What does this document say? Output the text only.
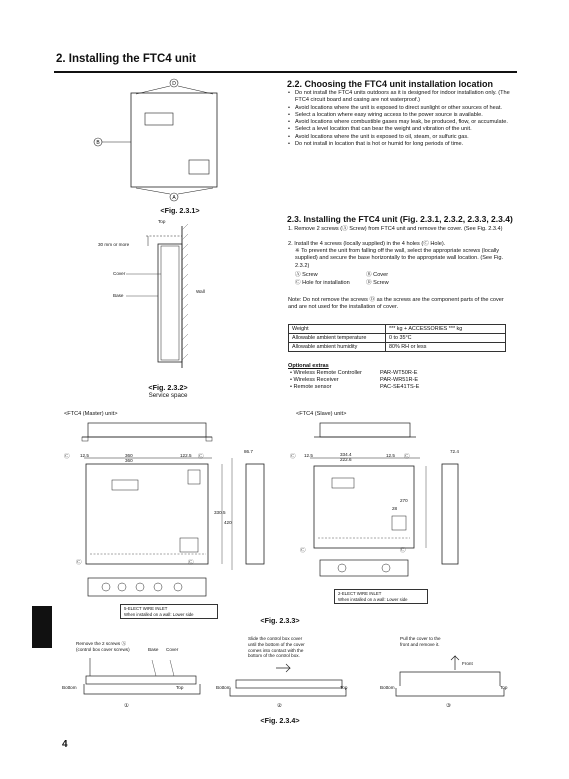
2. Installing the FTC4 unit
D
B
A
<Fig. 2.3.1>
Top
30 mm or more
Cover
Base
Wall
<Fig. 2.3.2>
Service space
2.2. Choosing the FTC4 unit installation location
• Do not install the FTC4 units outdoors as it is designed for indoor installation only. (The FTC4 circuit board and casing are not waterproof.)
• Avoid locations where the unit is exposed to direct sunlight or other sources of heat.
• Select a location where easy wiring access to the power source is available.
• Avoid locations where combustible gases may leak, be produced, flow, or accumulate.
• Select a level location that can bear the weight and vibration of the unit.
• Avoid locations where the unit is exposed to oil, steam, or sulfuric gas.
• Do not install in location that is hot or humid for long periods of time.
2.3. Installing the FTC4 unit (Fig. 2.3.1, 2.3.2, 2.3.3, 2.3.4)
1. Remove 2 screws (Ⓐ Screw) from FTC4 unit and remove the cover. (See Fig. 2.3.4)
2. Install the 4 screws (locally supplied) in the 4 holes (Ⓒ Hole).
※ To prevent the unit from falling off the wall, select the appropriate screws (locally supplied) and secure the base horizontally to the appropriate wall location. (See Fig. 2.3.2)
Ⓐ Screw	Ⓑ Cover
Ⓒ Hole for installation	Ⓓ Screw
Note: Do not remove the screws Ⓓ as the screws are the component parts of the cover and are not used for the installation of cover.
Weight	*** kg + ACCESSORIES *** kg
Allowable ambient temperature	0 to 35°C
Allowable ambient humidity	80% RH or less
Optional extras
• Wireless Remote Controller	PAR-WT50R-E
• Wireless Receiver	PAR-WR51R-E
• Remote sensor	PAC-SE41TS-E
<FTC4 (Master) unit>	<FTC4 (Slave) unit>
360
360
12.5	122.5
330.5
420
86.7
Ⓒ	Ⓒ
Ⓒ	Ⓒ
5-ELECT WIRE INLET
When installed on a wall: Lower side
334.4
222.6
12.5	12.5
270
28
72.4
Ⓒ	Ⓒ
Ⓒ	Ⓒ
2-ELECT WIRE INLET
When installed on a wall: Lower side
<Fig. 2.3.3>
Remove the 2 screws Ⓐ
(control box cover screws)	Base Cover
Slide the control box cover
until the bottom of the cover
comes into contact with the
bottom of the control box.
Pull the cover to the
front and remove it.
Front
Bottom	Top	Bottom	Top	Bottom	Top
①	②	③
<Fig. 2.3.4>
4
